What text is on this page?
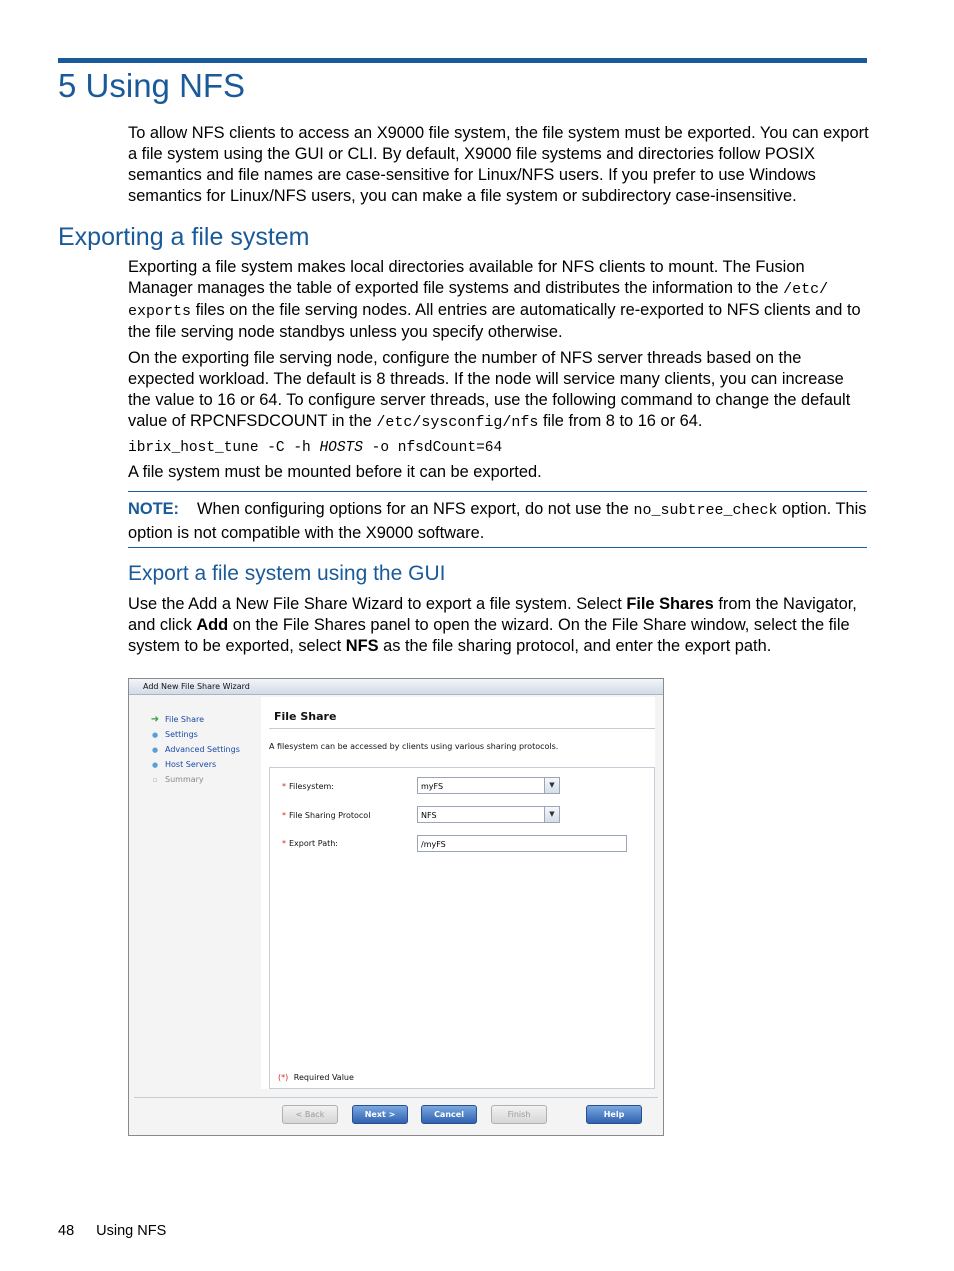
5 Using NFS

To allow NFS clients to access an X9000 file system, the file system must be exported. You can export a file system using the GUI or CLI. By default, X9000 file systems and directories follow POSIX semantics and file names are case-sensitive for Linux/NFS users. If you prefer to use Windows semantics for Linux/NFS users, you can make a file system or subdirectory case-insensitive.

Exporting a file system

Exporting a file system makes local directories available for NFS clients to mount. The Fusion Manager manages the table of exported file systems and distributes the information to the /etc/ exports files on the file serving nodes. All entries are automatically re-exported to NFS clients and to the file serving node standbys unless you specify otherwise.

On the exporting file serving node, configure the number of NFS server threads based on the expected workload. The default is 8 threads. If the node will service many clients, you can increase the value to 16 or 64. To configure server threads, use the following command to change the default value of RPCNFSDCOUNT in the /etc/sysconfig/nfs file from 8 to 16 or 64.

ibrix_host_tune -C -h HOSTS -o nfsdCount=64

A file system must be mounted before it can be exported.

NOTE: When configuring options for an NFS export, do not use the no_subtree_check option. This option is not compatible with the X9000 software.

Export a file system using the GUI

Use the Add a New File Share Wizard to export a file system. Select File Shares from the Navigator, and click Add on the File Shares panel to open the wizard. On the File Share window, select the file system to be exported, select NFS as the file sharing protocol, and enter the export path.

Add New File Share Wizard
➜ File Share
● Settings
● Advanced Settings
● Host Servers
▫ Summary
File Share
A filesystem can be accessed by clients using various sharing protocols.
* Filesystem:	myFS	▼
* File Sharing Protocol	NFS	▼
* Export Path:	/myFS
(*) Required Value
< Back	Next >	Cancel	Finish	Help
48 Using NFS
